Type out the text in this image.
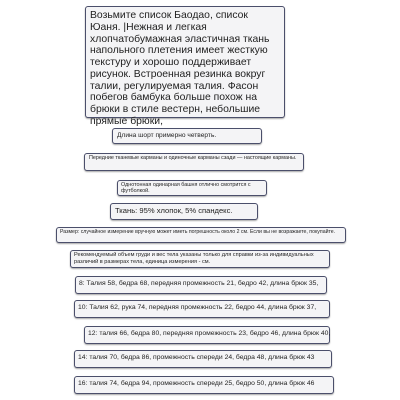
Возьмите список Баодао, список Юаня. |Нежная и легкая хлопчатобумажная эластичная ткань напольного плетения имеет жесткую текстуру и хорошо поддерживает рисунок. Встроенная резинка вокруг талии, регулируемая талия. Фасон побегов бамбука больше похож на брюки в стиле вестерн, небольшие прямые брюки,
Длина шорт примерно четверть.
Передние тканевые карманы и одиночные карманы сзади — настоящие карманы.
Однотонная одинарная башня отлично смотрится с футболкой.
Ткань: 95% хлопок, 5% спандекс.
Размер: случайное измерение вручную может иметь погрешность около 2 см. Если вы не возражаете, покупайте.
Рекомендуемый объем груди и вес тела указаны только для справки из-за индивидуальных различий в размерах тела, единица измерения - см.
8: Талия 58, бедра 68, передняя промежность 21, бедро 42, длина брюк 35,
10: Талия 62, рука 74, передняя промежность 22, бедро 44, длина брюк 37,
12: талия 66, бедра 80, передняя промежность 23, бедро 46, длина брюк 40,
14: талия 70, бедра 86, промежность спереди 24, бедра 48, длина брюк 43
16: талия 74, бедра 94, промежность спереди 25, бедро 50, длина брюк 46
